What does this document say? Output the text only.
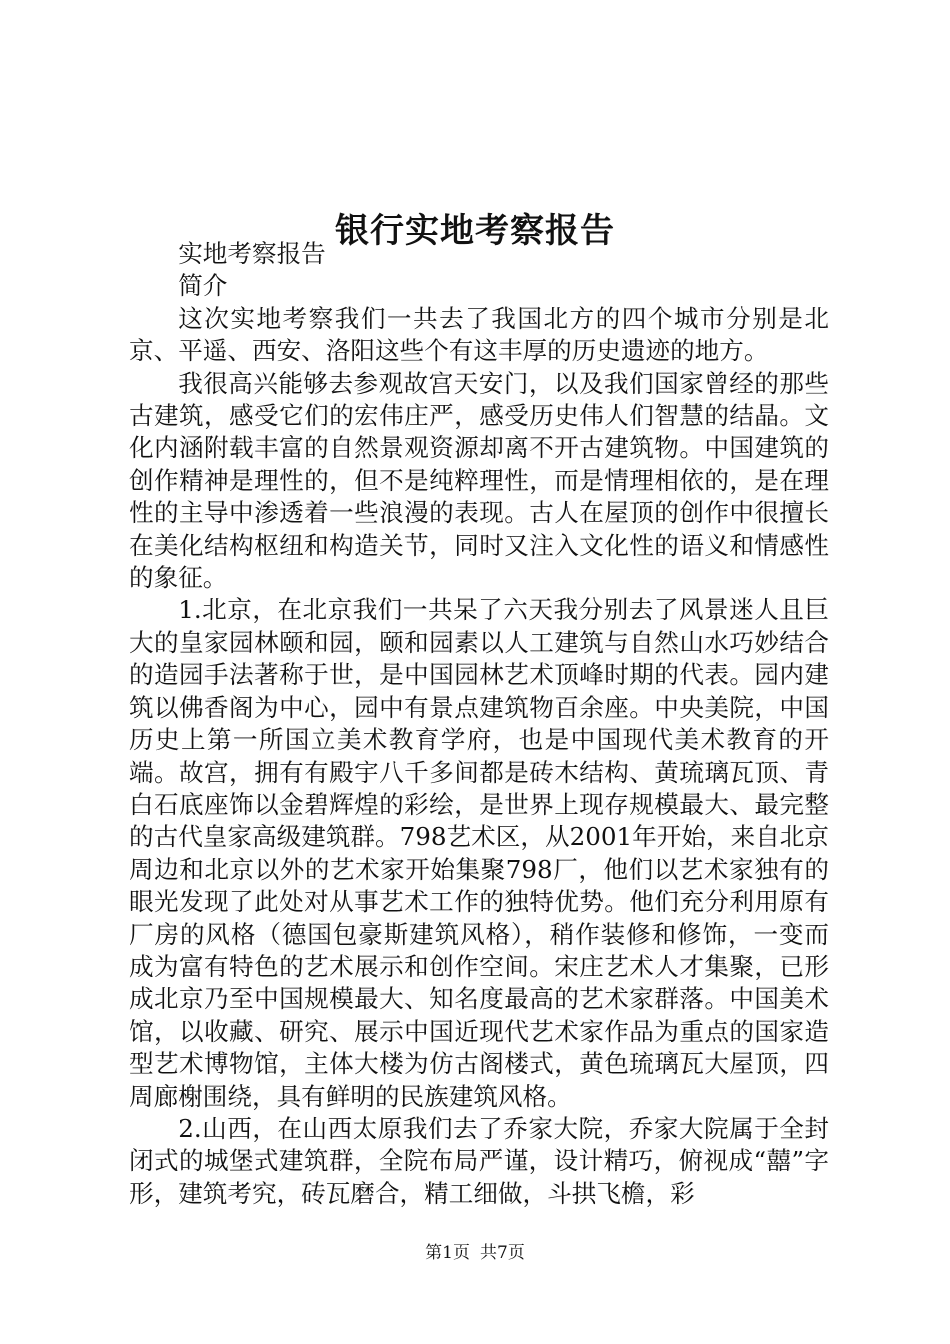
银行实地考察报告

实地考察报告

简介

这次实地考察我们一共去了我国北方的四个城市分别是北京、平遥、西安、洛阳这些个有这丰厚的历史遗迹的地方。

我很高兴能够去参观故宫天安门，以及我们国家曾经的那些古建筑，感受它们的宏伟庄严，感受历史伟人们智慧的结晶。文化内涵附载丰富的自然景观资源却离不开古建筑物。中国建筑的创作精神是理性的，但不是纯粹理性，而是情理相依的，是在理性的主导中渗透着一些浪漫的表现。古人在屋顶的创作中很擅长在美化结构枢纽和构造关节，同时又注入文化性的语义和情感性的象征。

1.北京，在北京我们一共呆了六天我分别去了风景迷人且巨大的皇家园林颐和园，颐和园素以人工建筑与自然山水巧妙结合的造园手法著称于世，是中国园林艺术顶峰时期的代表。园内建筑以佛香阁为中心，园中有景点建筑物百余座。中央美院，中国历史上第一所国立美术教育学府，也是中国现代美术教育的开端。故宫，拥有有殿宇八千多间都是砖木结构、黄琉璃瓦顶、青白石底座饰以金碧辉煌的彩绘，是世界上现存规模最大、最完整的古代皇家高级建筑群。798艺术区，从2001年开始，来自北京周边和北京以外的艺术家开始集聚798厂，他们以艺术家独有的眼光发现了此处对从事艺术工作的独特优势。他们充分利用原有厂房的风格（德国包豪斯建筑风格），稍作装修和修饰，一变而成为富有特色的艺术展示和创作空间。宋庄艺术人才集聚，已形成北京乃至中国规模最大、知名度最高的艺术家群落。中国美术馆，以收藏、研究、展示中国近现代艺术家作品为重点的国家造型艺术博物馆，主体大楼为仿古阁楼式，黄色琉璃瓦大屋顶，四周廊榭围绕，具有鲜明的民族建筑风格。

2.山西，在山西太原我们去了乔家大院，乔家大院属于全封闭式的城堡式建筑群，全院布局严谨，设计精巧，俯视成“囍”字形，建筑考究，砖瓦磨合，精工细做，斗拱飞檐，彩

第1页 共7页
